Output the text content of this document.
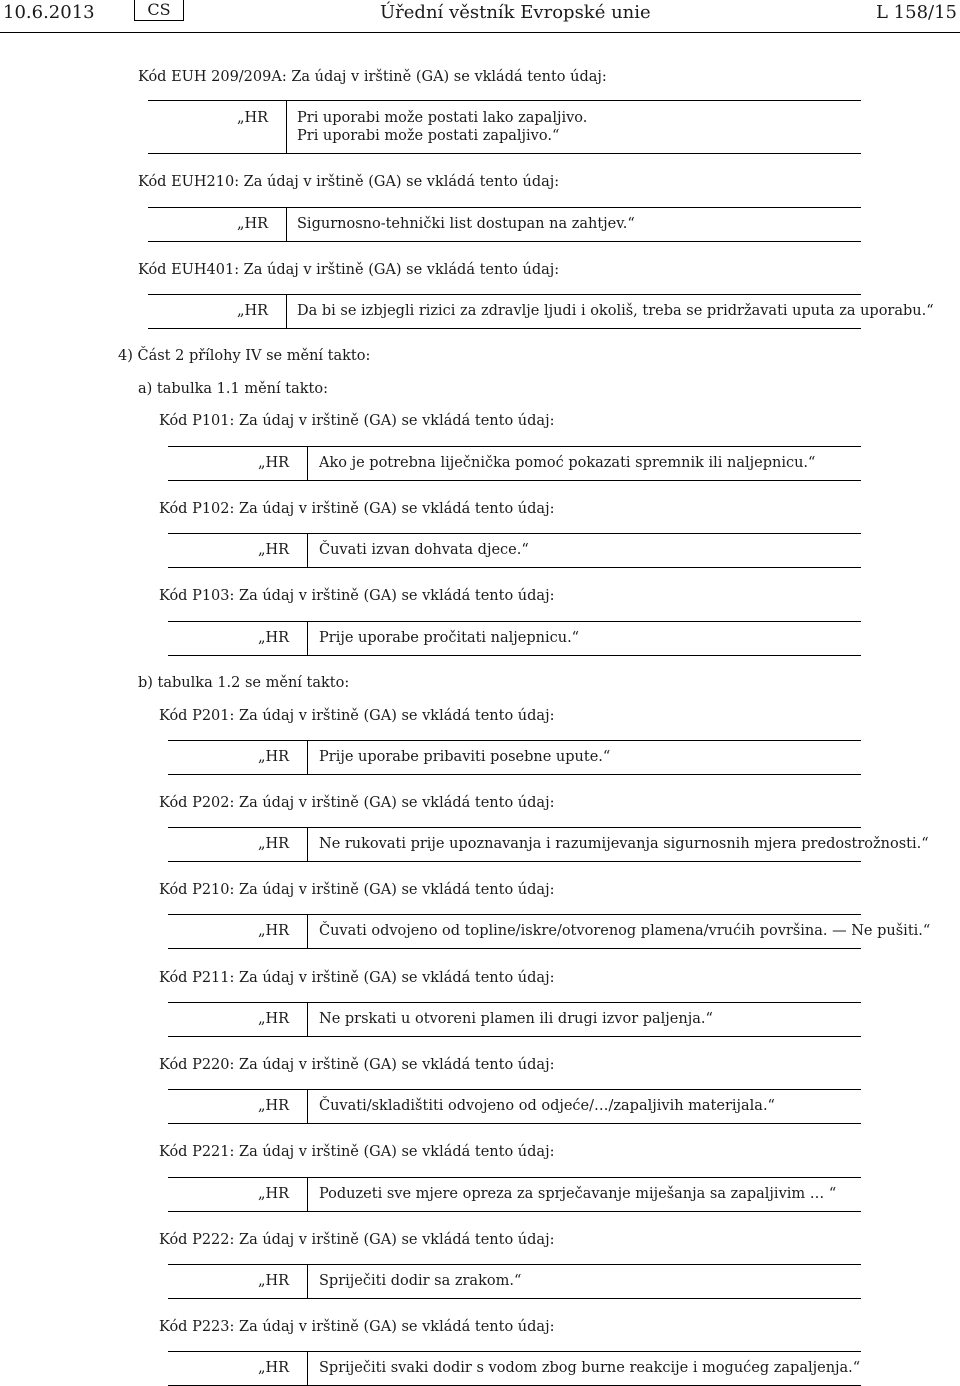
10.6.2013	CS	Úřední věstník Evropské unie	L 158/15
Kód EUH 209/209A: Za údaj v irštině (GA) se vkládá tento údaj:
„HR Pri uporabi može postati lako zapaljivo.
Pri uporabi može postati zapaljivo.“
Kód EUH210: Za údaj v irštině (GA) se vkládá tento údaj:
„HR Sigurnosno-tehnički list dostupan na zahtjev.“
Kód EUH401: Za údaj v irštině (GA) se vkládá tento údaj:
„HR Da bi se izbjegli rizici za zdravlje ljudi i okoliš, treba se pridržavati uputa za uporabu.“
4) Část 2 přílohy IV se mění takto:
a) tabulka 1.1 mění takto:
Kód P101: Za údaj v irštině (GA) se vkládá tento údaj:
„HR Ako je potrebna liječnička pomoć pokazati spremnik ili naljepnicu.“
Kód P102: Za údaj v irštině (GA) se vkládá tento údaj:
„HR Čuvati izvan dohvata djece.“
Kód P103: Za údaj v irštině (GA) se vkládá tento údaj:
„HR Prije uporabe pročitati naljepnicu.“
b) tabulka 1.2 se mění takto:
Kód P201: Za údaj v irštině (GA) se vkládá tento údaj:
„HR Prije uporabe pribaviti posebne upute.“
Kód P202: Za údaj v irštině (GA) se vkládá tento údaj:
„HR Ne rukovati prije upoznavanja i razumijevanja sigurnosnih mjera predostrožnosti.“
Kód P210: Za údaj v irštině (GA) se vkládá tento údaj:
„HR Čuvati odvojeno od topline/iskre/otvorenog plamena/vrućih površina. — Ne pušiti.“
Kód P211: Za údaj v irštině (GA) se vkládá tento údaj:
„HR Ne prskati u otvoreni plamen ili drugi izvor paljenja.“
Kód P220: Za údaj v irštině (GA) se vkládá tento údaj:
„HR Čuvati/skladištiti odvojeno od odjeće/…/zapaljivih materijala.“
Kód P221: Za údaj v irštině (GA) se vkládá tento údaj:
„HR Poduzeti sve mjere opreza za sprječavanje miješanja sa zapaljivim … “
Kód P222: Za údaj v irštině (GA) se vkládá tento údaj:
„HR Spriječiti dodir sa zrakom.“
Kód P223: Za údaj v irštině (GA) se vkládá tento údaj:
„HR Spriječiti svaki dodir s vodom zbog burne reakcije i mogućeg zapaljenja.“
